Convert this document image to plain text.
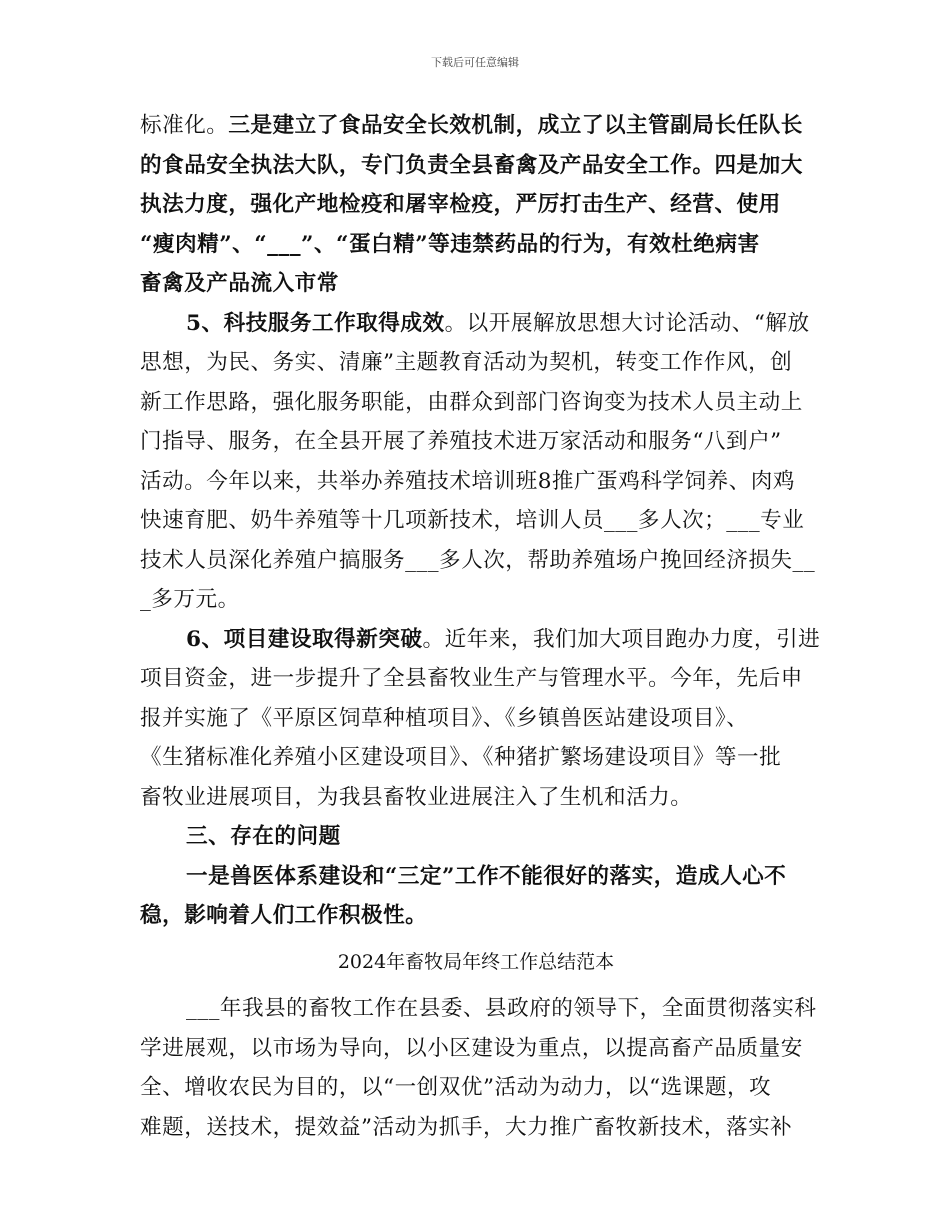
下载后可任意编辑
标准化。三是建立了食品安全长效机制，成立了以主管副局长任队长
的食品安全执法大队，专门负责全县畜禽及产品安全工作。四是加大
执法力度，强化产地检疫和屠宰检疫，严厉打击生产、经营、使用
“瘦肉精”、“___”、“蛋白精”等违禁药品的行为，有效杜绝病害
畜禽及产品流入市常
5、科技服务工作取得成效。以开展解放思想大讨论活动、“解放
思想，为民、务实、清廉”主题教育活动为契机，转变工作作风，创
新工作思路，强化服务职能，由群众到部门咨询变为技术人员主动上
门指导、服务，在全县开展了养殖技术进万家活动和服务“八到户”
活动。今年以来，共举办养殖技术培训班8推广蛋鸡科学饲养、肉鸡
快速育肥、奶牛养殖等十几项新技术，培训人员___多人次；___专业
技术人员深化养殖户搞服务___多人次，帮助养殖场户挽回经济损失__
_多万元。
6、项目建设取得新突破。近年来，我们加大项目跑办力度，引进
项目资金，进一步提升了全县畜牧业生产与管理水平。今年，先后申
报并实施了《平原区饲草种植项目》、《乡镇兽医站建设项目》、
《生猪标准化养殖小区建设项目》、《种猪扩繁场建设项目》等一批
畜牧业进展项目，为我县畜牧业进展注入了生机和活力。
三、存在的问题
一是兽医体系建设和“三定”工作不能很好的落实，造成人心不
稳，影响着人们工作积极性。
2024年畜牧局年终工作总结范本
___年我县的畜牧工作在县委、县政府的领导下，全面贯彻落实科
学进展观，以市场为导向，以小区建设为重点，以提高畜产品质量安
全、增收农民为目的，以“一创双优”活动为动力，以“选课题，攻
难题，送技术，提效益”活动为抓手，大力推广畜牧新技术，落实补
